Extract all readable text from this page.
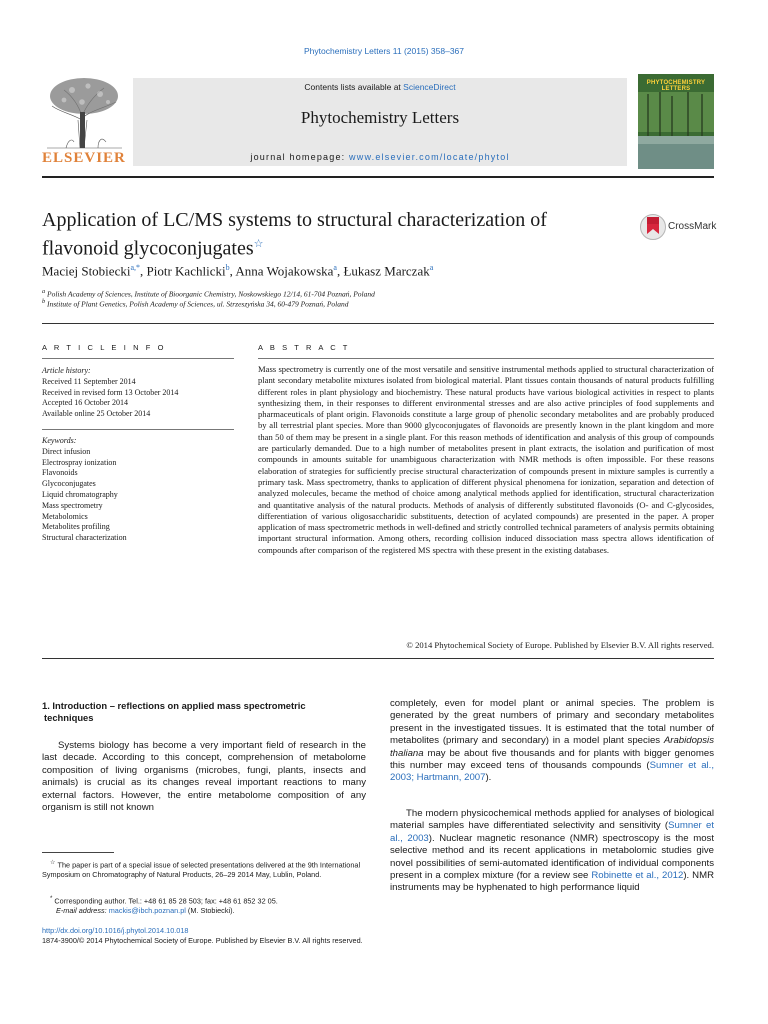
Phytochemistry Letters 11 (2015) 358–367
ELSEVIER
Contents lists available at ScienceDirect
Phytochemistry Letters
journal homepage: www.elsevier.com/locate/phytol
PHYTOCHEMISTRY LETTERS
Application of LC/MS systems to structural characterization of
flavonoid glycoconjugates☆
CrossMark
Maciej Stobiecki$^{a,*}$, Piotr Kachlicki$^b$, Anna Wojakowska$^a$, Łukasz Marczak$^a$
$^a$ Polish Academy of Sciences, Institute of Bioorganic Chemistry, Noskowskiego 12/14, 61-704 Poznań, Poland
$^b$ Institute of Plant Genetics, Polish Academy of Sciences, ul. Strzeszyńska 34, 60-479 Poznań, Poland
A R T I C L E I N F O	A B S T R A C T
Article history:
Received 11 September 2014
Received in revised form 13 October 2014
Accepted 16 October 2014
Available online 25 October 2014
Keywords:
Direct infusion
Electrospray ionization
Flavonoids
Glycoconjugates
Liquid chromatography
Mass spectrometry
Metabolomics
Metabolites profiling
Structural characterization
Mass spectrometry is currently one of the most versatile and sensitive instrumental methods applied to structural characterization of plant secondary metabolite mixtures isolated from biological material. Plant tissues contain thousands of natural products fulfilling different roles in plant physiology and biochemistry. These natural products have various biological activities in respect to plants synthesizing them, in their responses to different environmental stresses and are also active principles of food supplements and pharmaceuticals of plant origin. Flavonoids constitute a large group of phenolic secondary metabolites and are probably produced by all terrestrial plant species. More than 9000 glycoconjugates of flavonoids are presently known in the plant kingdom and more than 50 of them may be present in a single plant. For this reason methods of identification and analysis of this group of compounds are particularly demanded. Due to a high number of metabolites present in plant extracts, the isolation and purification of most compounds in amounts suitable for unambiguous characterization with NMR methods is often impossible. For these reasons elaboration of strategies for sufficiently precise structural characterization of compounds present in mixture samples is currently a primary task. Mass spectrometry, thanks to application of different physical phenomena for ionization, separation and detection of analyzed molecules, became the method of choice among analytical methods applied for identification, structural characterization and quantitative analysis of the natural products. Methods of analysis of differently substituted flavonoids (O- and C-glycosides, differentiation of various oligosaccharidic substituents, detection of acylated compounds) are presented in the paper. A proper application of mass spectrometric methods in well-defined and strictly controlled technical parameters of analysis permits obtaining important structural information. Among others, recording collision induced dissociation mass spectra allows identification of compounds after comparison of the registered MS spectra with these present in the existing databases.
© 2014 Phytochemical Society of Europe. Published by Elsevier B.V. All rights reserved.
1. Introduction – reflections on applied mass spectrometric
techniques
Systems biology has become a very important field of research in the last decade. According to this concept, comprehension of metabolome composition of living organisms (microbes, fungi, plants, insects and animals) is crucial as its changes reveal important reactions to many external factors. However, the entire metabolome composition of any organism is still not known
completely, even for model plant or animal species. The problem is generated by the great numbers of primary and secondary metabolites present in the investigated tissues. It is estimated that the total number of metabolites (primary and secondary) in a model plant species Arabidopsis thaliana may be about five thousands and for plants with bigger genomes this number may exceed tens of thousands compounds (Sumner et al., 2003; Hartmann, 2007).
The modern physicochemical methods applied for analyses of biological material samples have differentiated selectivity and sensitivity (Sumner et al., 2003). Nuclear magnetic resonance (NMR) spectroscopy is the most selective method and its recent applications in metabolomic studies give novel possibilities of semi-automated identification of individual components present in a complex mixture (for a review see Robinette et al., 2012). NMR instruments may be hyphenated to high performance liquid
☆ The paper is part of a special issue of selected presentations delivered at the 9th International Symposium on Chromatography of Natural Products, 26–29 2014 May, Lublin, Poland.
* Corresponding author. Tel.: +48 61 85 28 503; fax: +48 61 852 32 05.
E-mail address: mackis@ibch.poznan.pl (M. Stobiecki).
http://dx.doi.org/10.1016/j.phytol.2014.10.018
1874-3900/© 2014 Phytochemical Society of Europe. Published by Elsevier B.V. All rights reserved.
